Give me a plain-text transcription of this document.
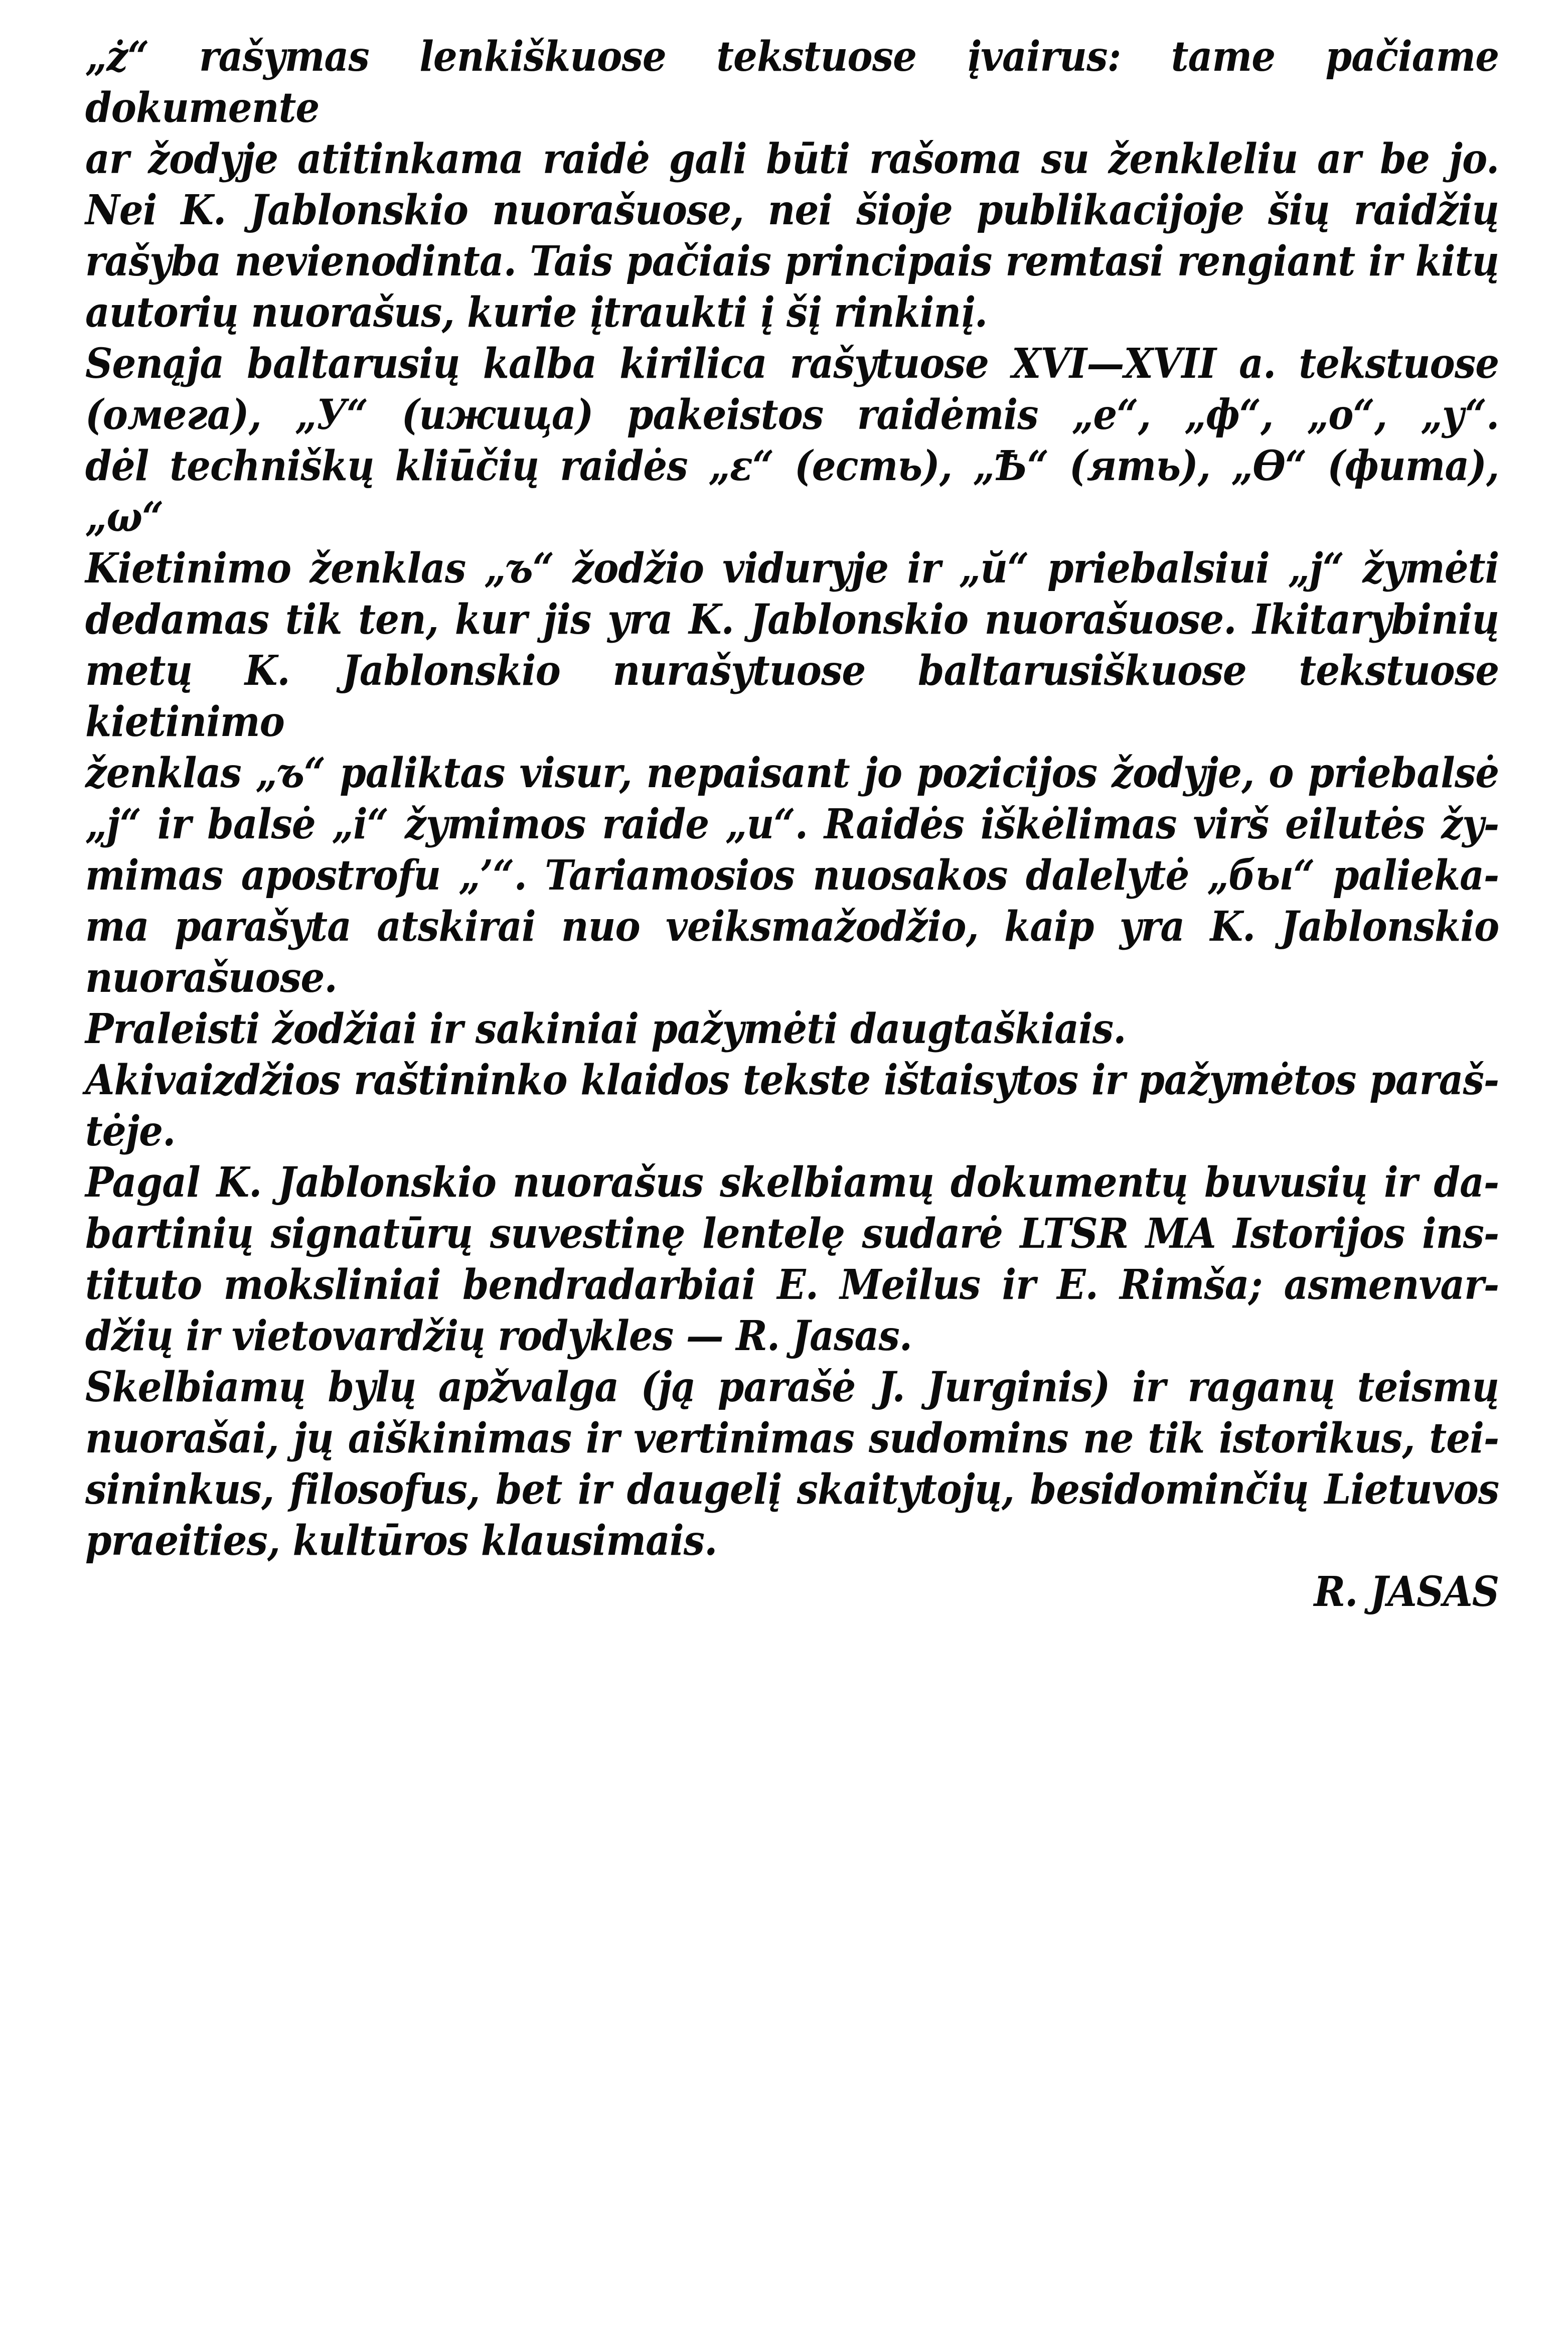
„ż“ rašymas lenkiškuose tekstuose įvairus: tame pačiame dokumente
ar žodyje atitinkama raidė gali būti rašoma su ženkleliu ar be jo.
Nei K. Jablonskio nuorašuose, nei šioje publikacijoje šių raidžių
rašyba nevienodinta. Tais pačiais principais remtasi rengiant ir kitų
autorių nuorašus, kurie įtraukti į šį rinkinį.
Senąja baltarusių kalba kirilica rašytuose XVI—XVII a. tekstuose
(омега), „У“ (ижица) pakeistos raidėmis „e“, „ф“, „o“, „y“.
dėl techniškų kliūčių raidės „ε“ (есть), „Ѣ“ (ять), „Ѳ“ (фита), „ω“
Kietinimo ženklas „ъ“ žodžio viduryje ir „ŭ“ priebalsiui „j“ žymėti
dedamas tik ten, kur jis yra K. Jablonskio nuorašuose. Ikitarybinių
metų K. Jablonskio nurašytuose baltarusiškuose tekstuose kietinimo
ženklas „ъ“ paliktas visur, nepaisant jo pozicijos žodyje, o priebalsė
„j“ ir balsė „i“ žymimos raide „u“. Raidės iškėlimas virš eilutės žy-
mimas apostrofu „’“. Tariamosios nuosakos dalelytė „бы“ palieka-
ma parašyta atskirai nuo veiksmažodžio, kaip yra K. Jablonskio
nuorašuose.
Praleisti žodžiai ir sakiniai pažymėti daugtaškiais.
Akivaizdžios raštininko klaidos tekste ištaisytos ir pažymėtos paraš-
tėje.
Pagal K. Jablonskio nuorašus skelbiamų dokumentų buvusių ir da-
bartinių signatūrų suvestinę lentelę sudarė LTSR MA Istorijos ins-
tituto moksliniai bendradarbiai E. Meilus ir E. Rimša; asmenvar-
džių ir vietovardžių rodykles — R. Jasas.
Skelbiamų bylų apžvalga (ją parašė J. Jurginis) ir raganų teismų
nuorašai, jų aiškinimas ir vertinimas sudomins ne tik istorikus, tei-
sininkus, filosofus, bet ir daugelį skaitytojų, besidominčių Lietuvos
praeities, kultūros klausimais.
R. JASAS
